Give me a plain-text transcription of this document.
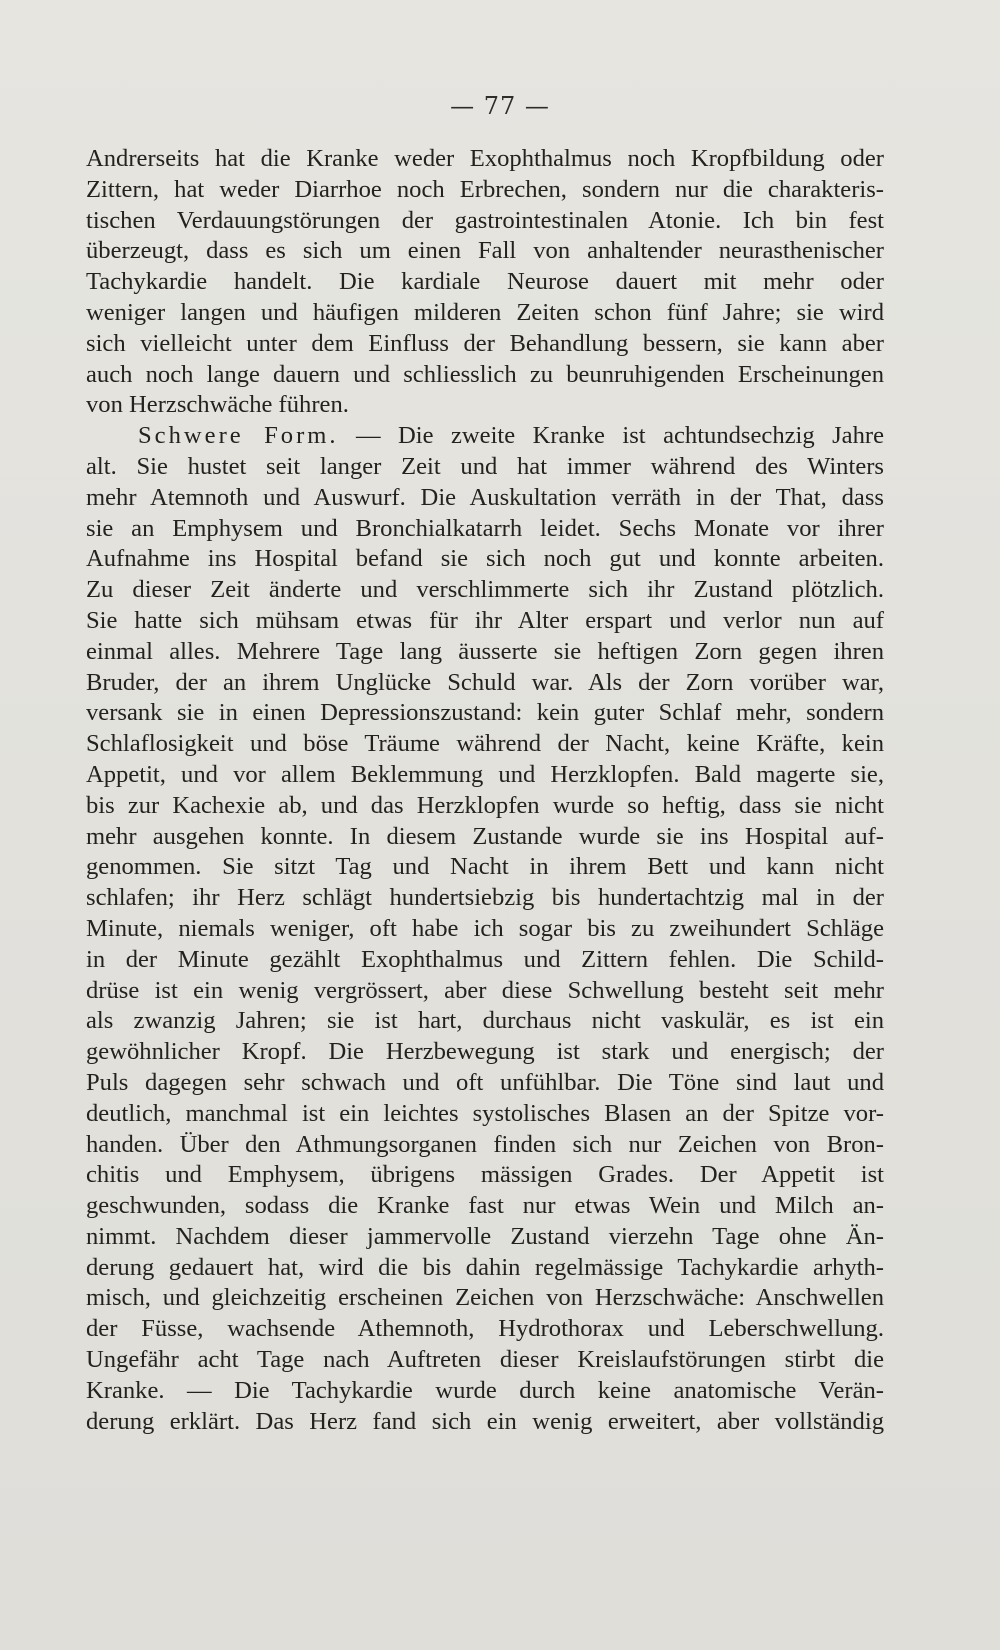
— 77 —
Andrerseits hat die Kranke weder Exophthalmus noch Kropfbildung oder
Zittern, hat weder Diarrhoe noch Erbrechen, sondern nur die charakteris-
tischen Verdauungstörungen der gastrointestinalen Atonie. Ich bin fest
überzeugt, dass es sich um einen Fall von anhaltender neurasthenischer
Tachykardie handelt. Die kardiale Neurose dauert mit mehr oder
weniger langen und häufigen milderen Zeiten schon fünf Jahre; sie wird
sich vielleicht unter dem Einfluss der Behandlung bessern, sie kann aber
auch noch lange dauern und schliesslich zu beunruhigenden Erscheinungen
von Herzschwäche führen.
Schwere Form. — Die zweite Kranke ist achtundsechzig Jahre
alt. Sie hustet seit langer Zeit und hat immer während des Winters
mehr Atemnoth und Auswurf. Die Auskultation verräth in der That, dass
sie an Emphysem und Bronchialkatarrh leidet. Sechs Monate vor ihrer
Aufnahme ins Hospital befand sie sich noch gut und konnte arbeiten.
Zu dieser Zeit änderte und verschlimmerte sich ihr Zustand plötzlich.
Sie hatte sich mühsam etwas für ihr Alter erspart und verlor nun auf
einmal alles. Mehrere Tage lang äusserte sie heftigen Zorn gegen ihren
Bruder, der an ihrem Unglücke Schuld war. Als der Zorn vorüber war,
versank sie in einen Depressionszustand: kein guter Schlaf mehr, sondern
Schlaflosigkeit und böse Träume während der Nacht, keine Kräfte, kein
Appetit, und vor allem Beklemmung und Herzklopfen. Bald magerte sie,
bis zur Kachexie ab, und das Herzklopfen wurde so heftig, dass sie nicht
mehr ausgehen konnte. In diesem Zustande wurde sie ins Hospital auf-
genommen. Sie sitzt Tag und Nacht in ihrem Bett und kann nicht
schlafen; ihr Herz schlägt hundertsiebzig bis hundertachtzig mal in der
Minute, niemals weniger, oft habe ich sogar bis zu zweihundert Schläge
in der Minute gezählt Exophthalmus und Zittern fehlen. Die Schild-
drüse ist ein wenig vergrössert, aber diese Schwellung besteht seit mehr
als zwanzig Jahren; sie ist hart, durchaus nicht vaskulär, es ist ein
gewöhnlicher Kropf. Die Herzbewegung ist stark und energisch; der
Puls dagegen sehr schwach und oft unfühlbar. Die Töne sind laut und
deutlich, manchmal ist ein leichtes systolisches Blasen an der Spitze vor-
handen. Über den Athmungsorganen finden sich nur Zeichen von Bron-
chitis und Emphysem, übrigens mässigen Grades. Der Appetit ist
geschwunden, sodass die Kranke fast nur etwas Wein und Milch an-
nimmt. Nachdem dieser jammervolle Zustand vierzehn Tage ohne Än-
derung gedauert hat, wird die bis dahin regelmässige Tachykardie arhyth-
misch, und gleichzeitig erscheinen Zeichen von Herzschwäche: Anschwellen
der Füsse, wachsende Athemnoth, Hydrothorax und Leberschwellung.
Ungefähr acht Tage nach Auftreten dieser Kreislaufstörungen stirbt die
Kranke. — Die Tachykardie wurde durch keine anatomische Verän-
derung erklärt. Das Herz fand sich ein wenig erweitert, aber vollständig
